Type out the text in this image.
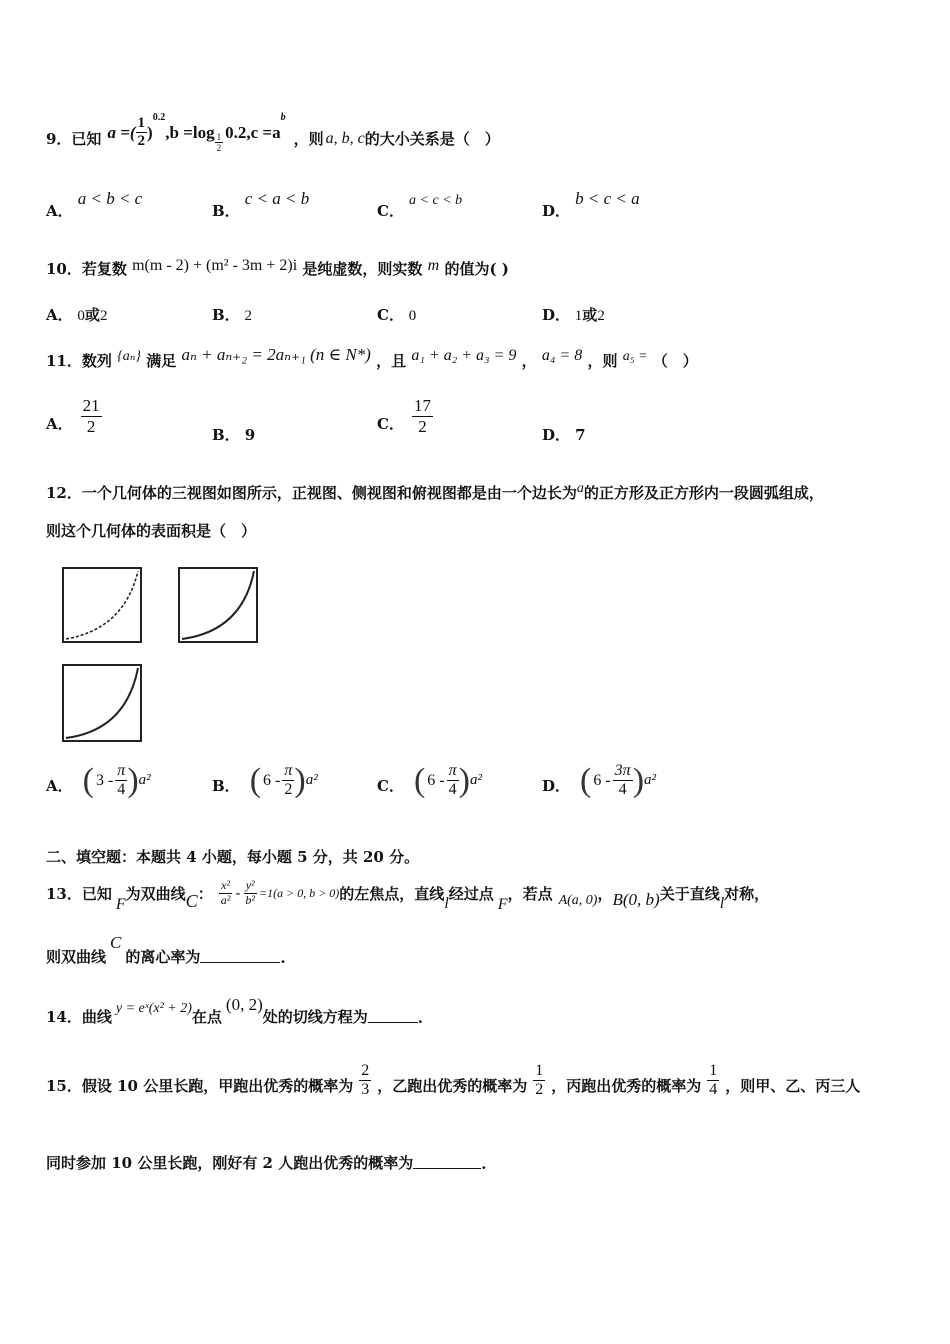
9．已知 a =( $\frac{1}{2}$ )
$^{0.2}$
$,b =\log \frac{1}{2} 0.2,c =a$
$^b$
，则 a, b, c 的大小关系是（　）
A． a < b < c
B． c < a < b
C． a < c < b
D． b < c < a
10．若复数 m(m - 2) + (m² - 3m + 2)i 是纯虚数，则实数 m 的值为( )
A． 0或2	B． 2	C． 0	D． 1或2
11．数列 {aₙ} 满足 aₙ + aₙ₊₂ = 2aₙ₊₁ (n ∈ N*) ，且 a₁ + a₂ + a₃ = 9 ， a₄ = 8 ，则 a₅ = （　）
A． $\frac{21}{2}$	B． 9
C． $\frac{17}{2}$	D． 7
12．一个几何体的三视图如图所示，正视图、侧视图和俯视图都是由一个边长为a的正方形及正方形内一段圆弧组成，
则这个几何体的表面积是（　）
A． ( $3 - \frac{\pi}{4}$ ) a²	B． ( $6 - \frac{\pi}{2}$ ) a²	C． ( $6 - \frac{\pi}{4}$ ) a²	D． ( $6 - \frac{3\pi}{4}$ ) a²
二、填空题：本题共 4 小题，每小题 5 分，共 20 分。
13．已知
F
为双曲线 C ： $\frac{\text{x²}}{\text{a²}} - \frac{\text{y²}}{\text{b²}} =1(a > 0$, b > 0) 的左焦点，直线
l
经过点
F
，若点 A(a, 0) ， B(0, b) 关于直线
l
对称，
则双曲线
C
的离心率为	.
14．曲线 y = eˣ(x² + 2) 在点
(0, 2)
处的切线方程为	.
15．假设 10 公里长跑，甲跑出优秀的概率为 $\frac{2}{3}$ ，乙跑出优秀的概率为 $\frac{1}{2}$ ，丙跑出优秀的概率为 $\frac{1}{4}$ ，则甲、乙、丙三人
同时参加 10 公里长跑，刚好有 2 人跑出优秀的概率为	.
